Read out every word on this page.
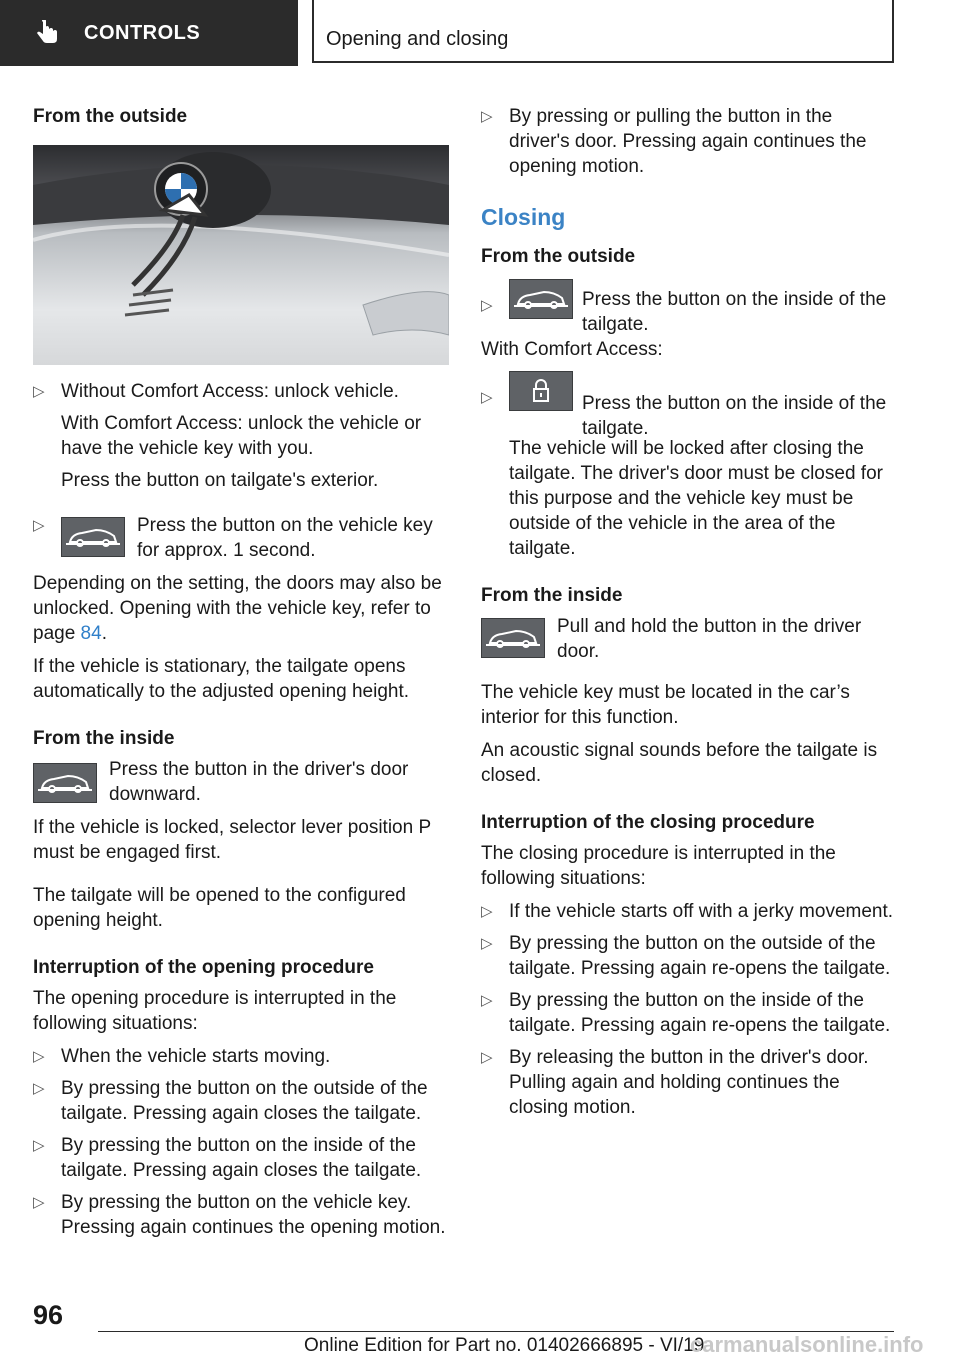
CONTROLS	Opening and closing

From the outside

▷ Without Comfort Access: unlock vehicle.

With Comfort Access: unlock the vehicle or have the vehicle key with you.

Press the button on tailgate's exterior.

▷	Press the button on the vehicle key for approx. 1 second.

Depending on the setting, the doors may also be unlocked. Opening with the vehicle key, refer to page 84.

If the vehicle is stationary, the tailgate opens automatically to the adjusted opening height.

From the inside

Press the button in the driver's door downward.

If the vehicle is locked, selector lever position P must be engaged first.

The tailgate will be opened to the configured opening height.

Interruption of the opening procedure

The opening procedure is interrupted in the following situations:

▷ When the vehicle starts moving.

▷ By pressing the button on the outside of the tailgate. Pressing again closes the tailgate.

▷ By pressing the button on the inside of the tailgate. Pressing again closes the tailgate.

▷ By pressing the button on the vehicle key. Pressing again continues the opening motion.

▷ By pressing or pulling the button in the driver's door. Pressing again continues the opening motion.

Closing

From the outside

▷	Press the button on the inside of the tailgate.

With Comfort Access:

▷	Press the button on the inside of the tailgate.

The vehicle will be locked after closing the tailgate. The driver's door must be closed for this purpose and the vehicle key must be outside of the vehicle in the area of the tailgate.

From the inside

Pull and hold the button in the driver door.

The vehicle key must be located in the car’s interior for this function.

An acoustic signal sounds before the tailgate is closed.

Interruption of the closing procedure

The closing procedure is interrupted in the following situations:

▷ If the vehicle starts off with a jerky movement.

▷ By pressing the button on the outside of the tailgate. Pressing again re-opens the tailgate.

▷ By pressing the button on the inside of the tailgate. Pressing again re-opens the tailgate.

▷ By releasing the button in the driver's door. Pulling again and holding continues the closing motion.

96
Online Edition for Part no. 01402666895 - VI/19
carmanualsonline.info
